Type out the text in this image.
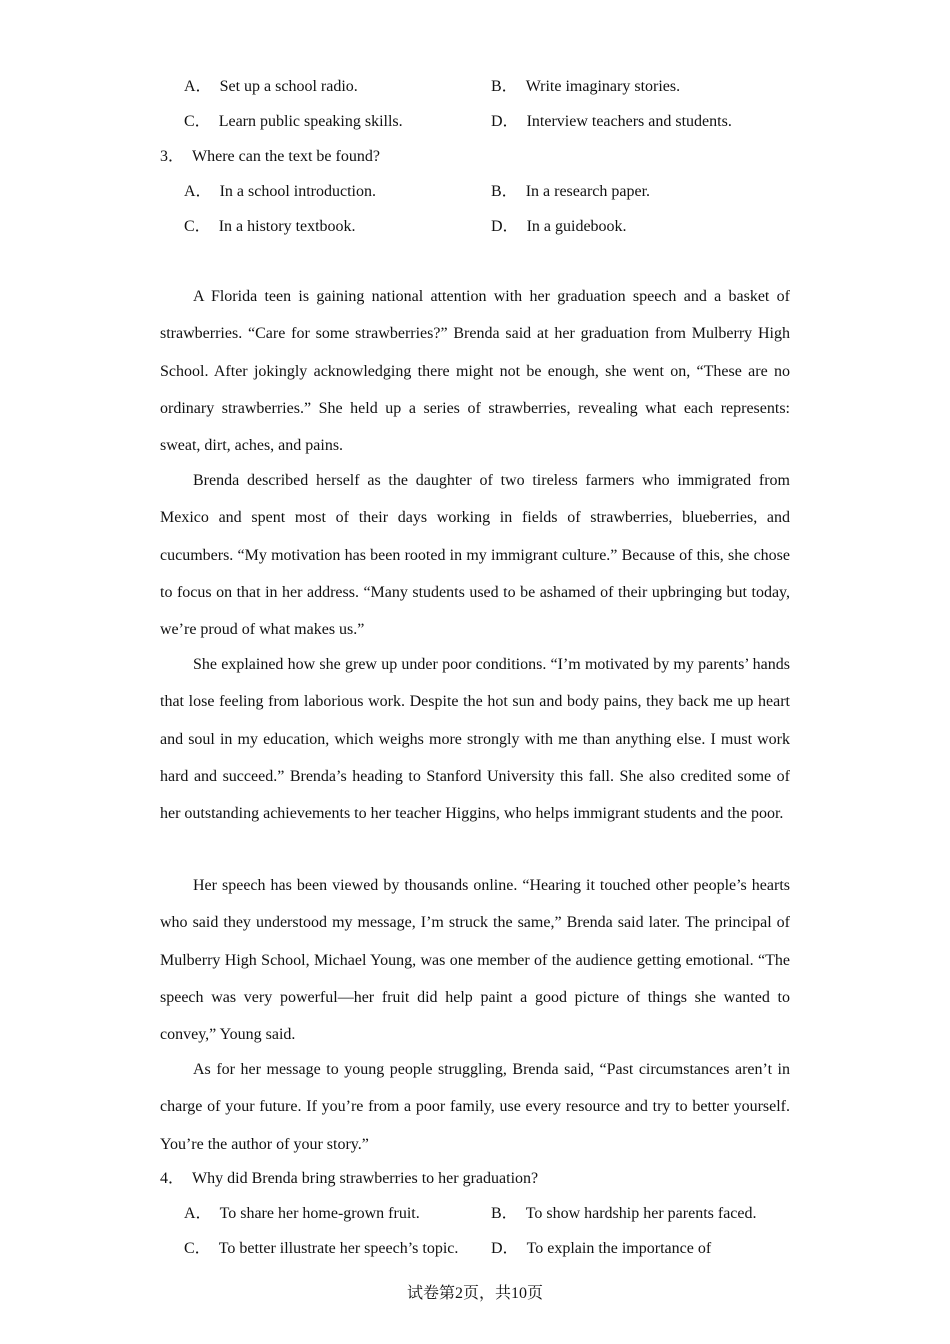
A． Set up a school radio.	B． Write imaginary stories.
C． Learn public speaking skills.	D． Interview teachers and students.
3． Where can the text be found?
A． In a school introduction.	B． In a research paper.
C． In a history textbook.	D． In a guidebook.

A Florida teen is gaining national attention with her graduation speech and a basket of strawberries. “Care for some strawberries?” Brenda said at her graduation from Mulberry High School. After jokingly acknowledging there might not be enough, she went on, “These are no ordinary strawberries.” She held up a series of strawberries, revealing what each represents: sweat, dirt, aches, and pains.

Brenda described herself as the daughter of two tireless farmers who immigrated from Mexico and spent most of their days working in fields of strawberries, blueberries, and cucumbers. “My motivation has been rooted in my immigrant culture.” Because of this, she chose to focus on that in her address. “Many students used to be ashamed of their upbringing but today, we’re proud of what makes us.”

She explained how she grew up under poor conditions. “I’m motivated by my parents’ hands that lose feeling from laborious work. Despite the hot sun and body pains, they back me up heart and soul in my education, which weighs more strongly with me than anything else. I must work hard and succeed.” Brenda’s heading to Stanford University this fall. She also credited some of her outstanding achievements to her teacher Higgins, who helps immigrant students and the poor.

Her speech has been viewed by thousands online. “Hearing it touched other people’s hearts who said they understood my message, I’m struck the same,” Brenda said later. The principal of Mulberry High School, Michael Young, was one member of the audience getting emotional. “The speech was very powerful—her fruit did help paint a good picture of things she wanted to convey,” Young said.

As for her message to young people struggling, Brenda said, “Past circumstances aren’t in charge of your future. If you’re from a poor family, use every resource and try to better yourself. You’re the author of your story.”

4． Why did Brenda bring strawberries to her graduation?
A． To share her home-grown fruit.	B． To show hardship her parents faced.
C． To better illustrate her speech’s topic. D． To explain the importance of
试卷第2页，共10页
